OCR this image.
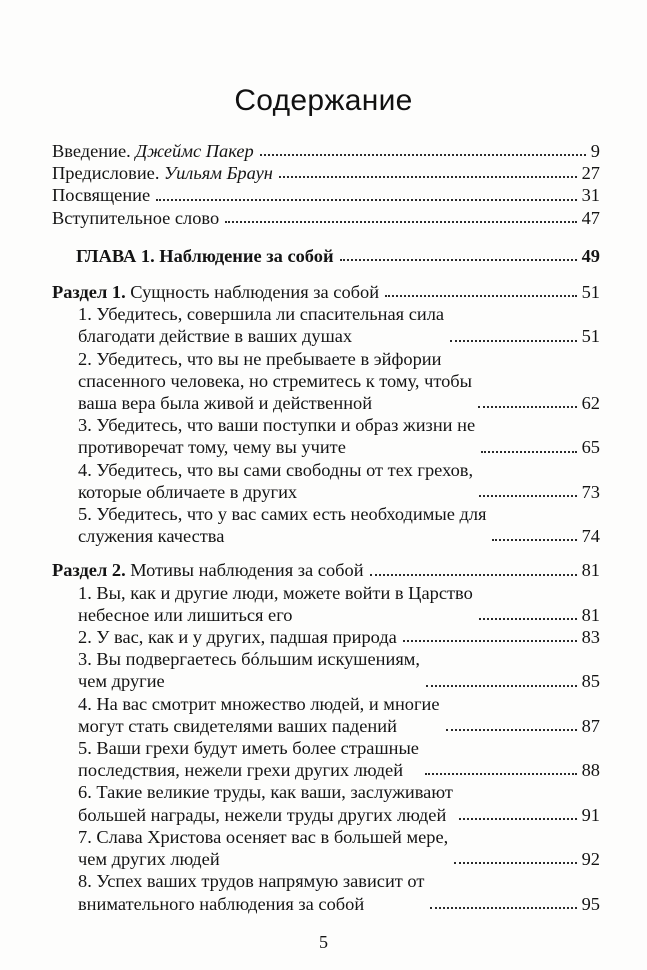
Содержание
Введение. Джеймс Пакер	9
Предисловие. Уильям Браун	27
Посвящение	31
Вступительное слово	47
ГЛАВА 1. Наблюдение за собой	49
Раздел 1. Сущность наблюдения за собой	51
1. Убедитесь, совершила ли спасительная сила
благодати действие в ваших душах	51
2. Убедитесь, что вы не пребываете в эйфории
спасенного человека, но стремитесь к тому, чтобы
ваша вера была живой и действенной	62
3. Убедитесь, что ваши поступки и образ жизни не
противоречат тому, чему вы учите	65
4. Убедитесь, что вы сами свободны от тех грехов,
которые обличаете в других	73
5. Убедитесь, что у вас самих есть необходимые для
служения качества	74
Раздел 2. Мотивы наблюдения за собой	81
1. Вы, как и другие люди, можете войти в Царство
небесное или лишиться его	81
2. У вас, как и у других, падшая природа	83
3. Вы подвергаетесь бóльшим искушениям,
чем другие	85
4. На вас смотрит множество людей, и многие
могут стать свидетелями ваших падений	87
5. Ваши грехи будут иметь более страшные
последствия, нежели грехи других людей	88
6. Такие великие труды, как ваши, заслуживают
большей награды, нежели труды других людей	91
7. Слава Христова осеняет вас в большей мере,
чем других людей	92
8. Успех ваших трудов напрямую зависит от
внимательного наблюдения за собой	95
5
